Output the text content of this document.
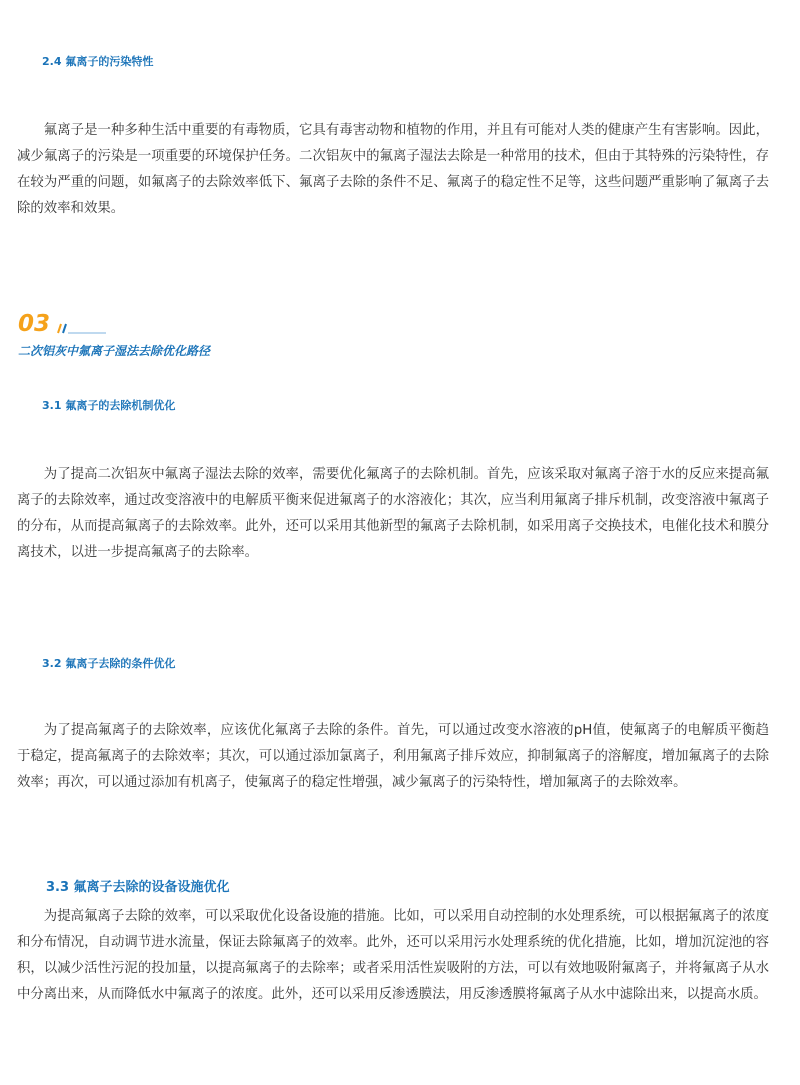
2.4 氟离子的污染特性

氟离子是一种多种生活中重要的有毒物质，它具有毒害动物和植物的作用，并且有可能对人类的健康产生有害影响。因此，减少氟离子的污染是一项重要的环境保护任务。二次铝灰中的氟离子湿法去除是一种常用的技术，但由于其特殊的污染特性，存在较为严重的问题，如氟离子的去除效率低下、氟离子去除的条件不足、氟离子的稳定性不足等，这些问题严重影响了氟离子去除的效率和效果。

03
二次铝灰中氟离子湿法去除优化路径
3.1 氟离子的去除机制优化

为了提高二次铝灰中氟离子湿法去除的效率，需要优化氟离子的去除机制。首先，应该采取对氟离子溶于水的反应来提高氟离子的去除效率，通过改变溶液中的电解质平衡来促进氟离子的水溶液化；其次，应当利用氟离子排斥机制，改变溶液中氟离子的分布，从而提高氟离子的去除效率。此外，还可以采用其他新型的氟离子去除机制，如采用离子交换技术，电催化技术和膜分离技术，以进一步提高氟离子的去除率。

3.2 氟离子去除的条件优化

为了提高氟离子的去除效率，应该优化氟离子去除的条件。首先，可以通过改变水溶液的pH值，使氟离子的电解质平衡趋于稳定，提高氟离子的去除效率；其次，可以通过添加氯离子，利用氟离子排斥效应，抑制氟离子的溶解度，增加氟离子的去除效率；再次，可以通过添加有机离子，使氟离子的稳定性增强，减少氟离子的污染特性，增加氟离子的去除效率。

3.3 氟离子去除的设备设施优化

为提高氟离子去除的效率，可以采取优化设备设施的措施。比如，可以采用自动控制的水处理系统，可以根据氟离子的浓度和分布情况，自动调节进水流量，保证去除氟离子的效率。此外，还可以采用污水处理系统的优化措施，比如，增加沉淀池的容积，以减少活性污泥的投加量，以提高氟离子的去除率；或者采用活性炭吸附的方法，可以有效地吸附氟离子，并将氟离子从水中分离出来，从而降低水中氟离子的浓度。此外，还可以采用反渗透膜法，用反渗透膜将氟离子从水中滤除出来，以提高水质。
